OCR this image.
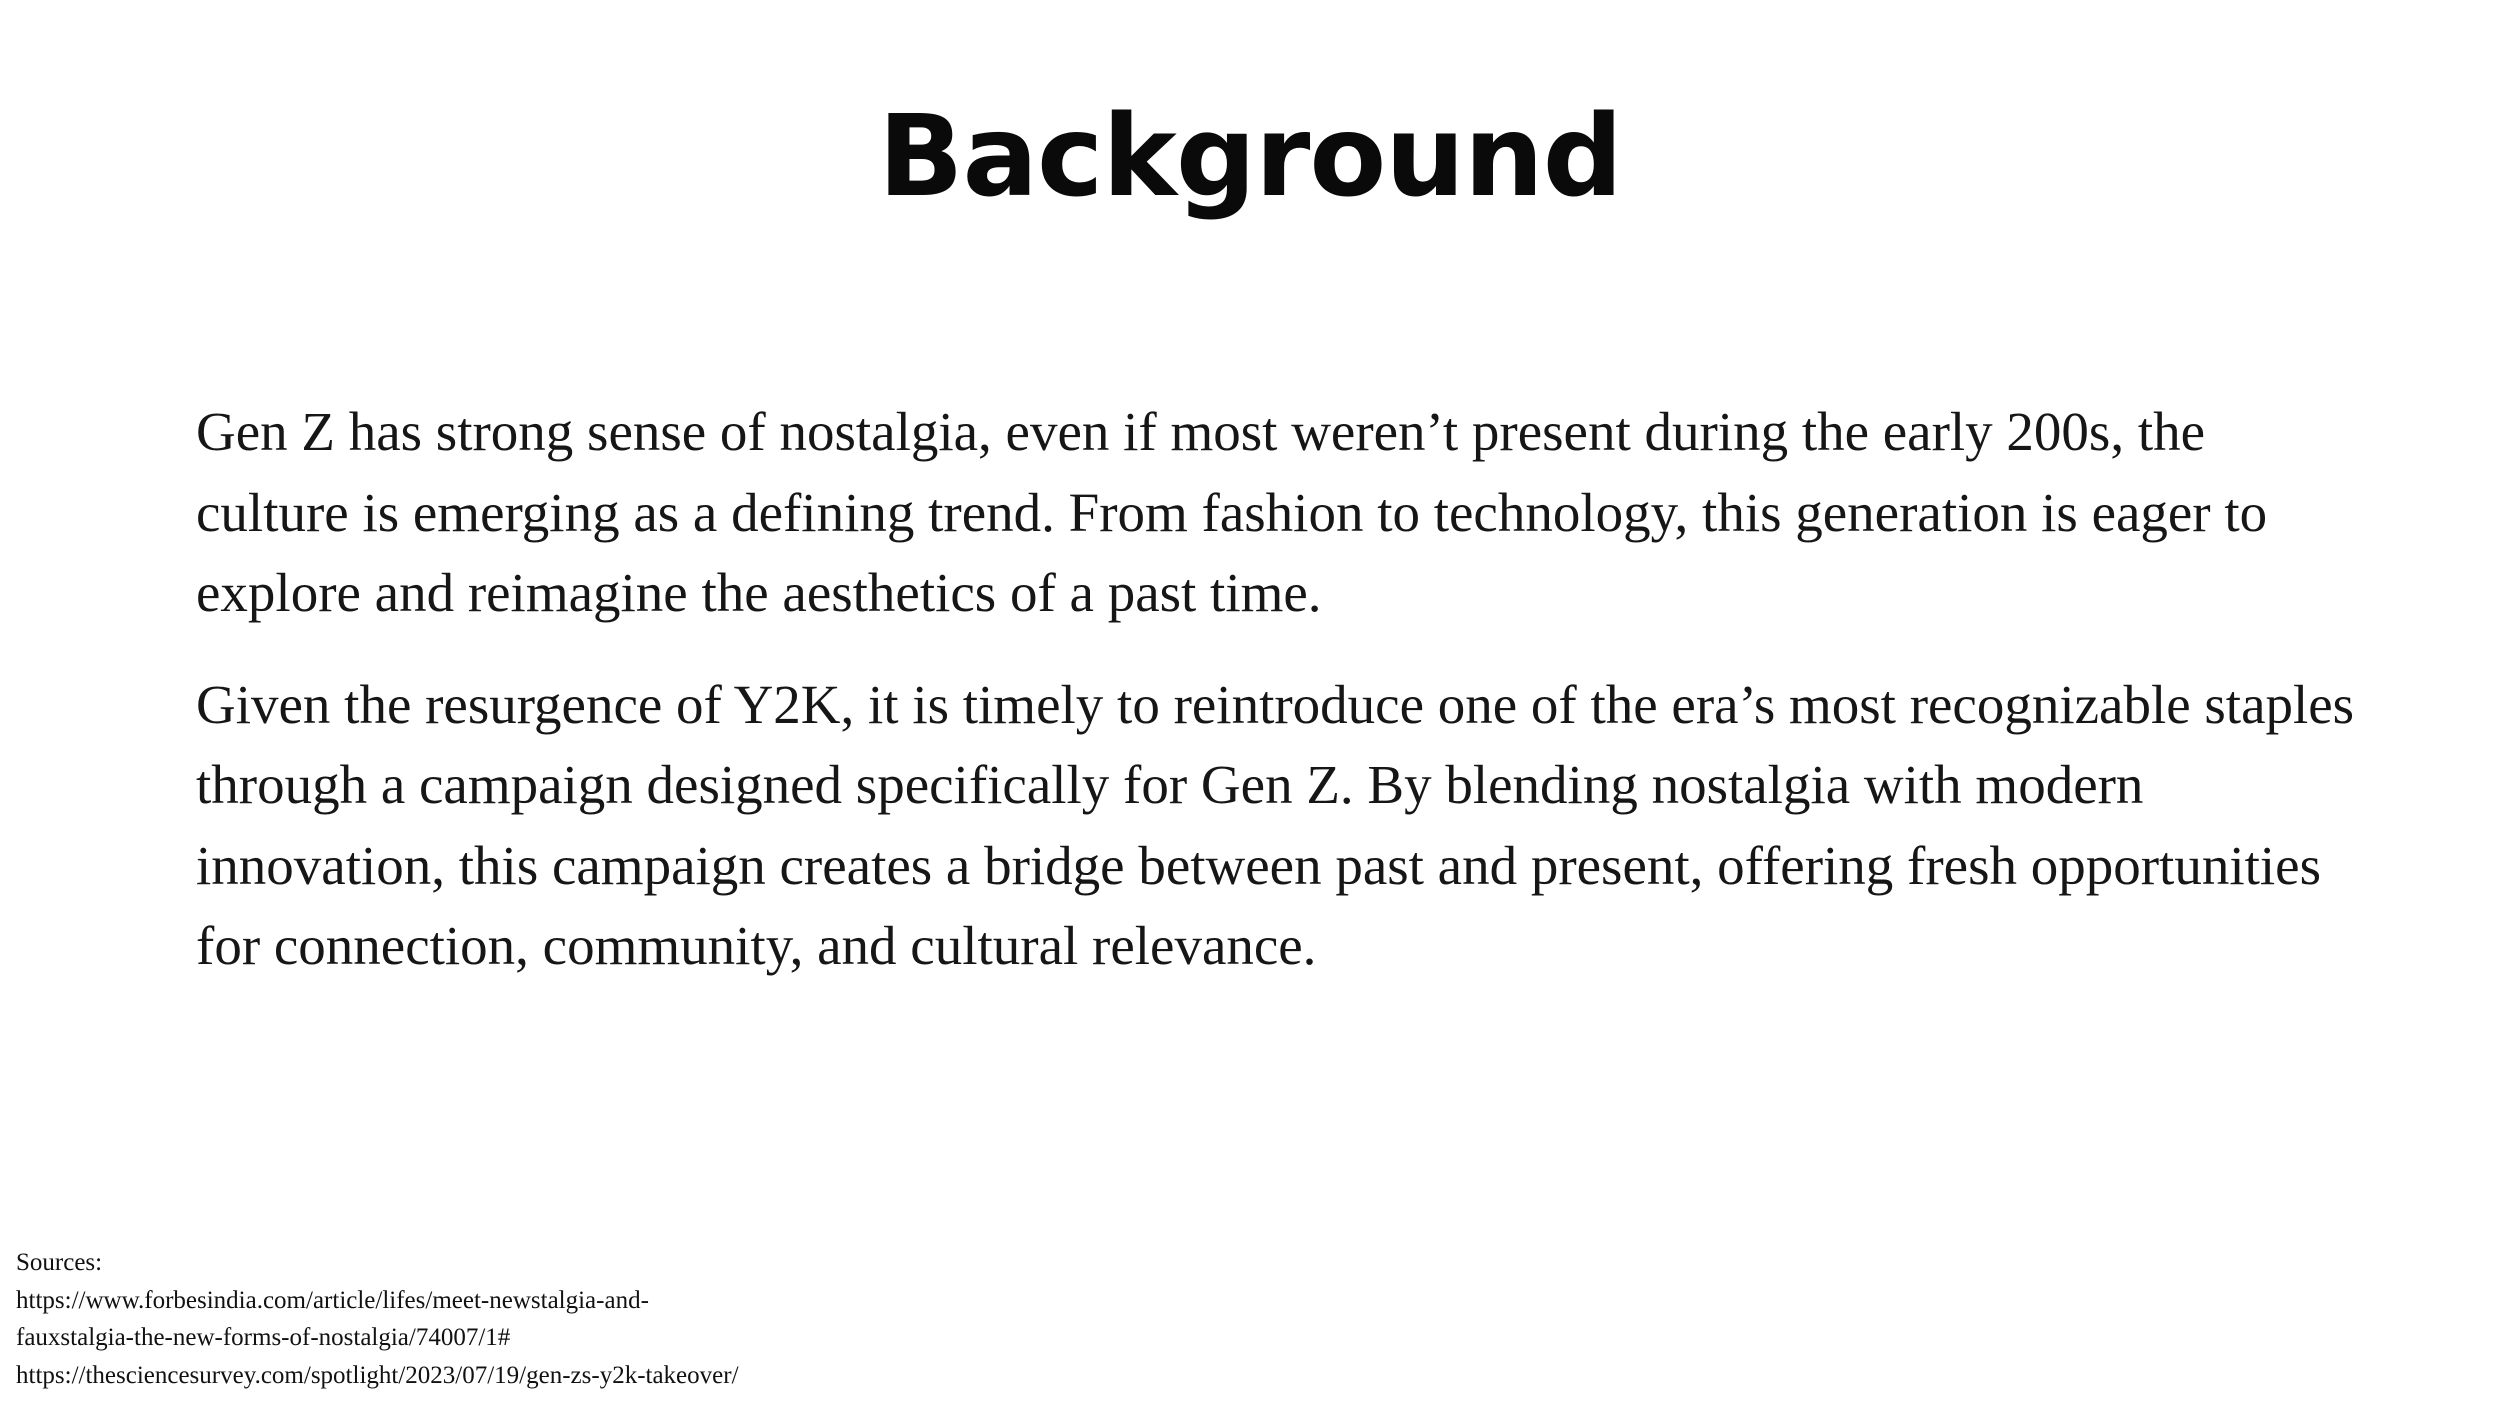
Background

Gen Z has strong sense of nostalgia, even if most weren’t present during the early 200s, the culture is emerging as a defining trend. From fashion to technology, this generation is eager to explore and reimagine the aesthetics of a past time.

Given the resurgence of Y2K, it is timely to reintroduce one of the era’s most recognizable staples through a campaign designed specifically for Gen Z. By blending nostalgia with modern innovation, this campaign creates a bridge between past and present, offering fresh opportunities for connection, community, and cultural relevance.

Sources:
https://www.forbesindia.com/article/lifes/meet-newstalgia-and-
fauxstalgia-the-new-forms-of-nostalgia/74007/1#
https://thesciencesurvey.com/spotlight/2023/07/19/gen-zs-y2k-takeover/
